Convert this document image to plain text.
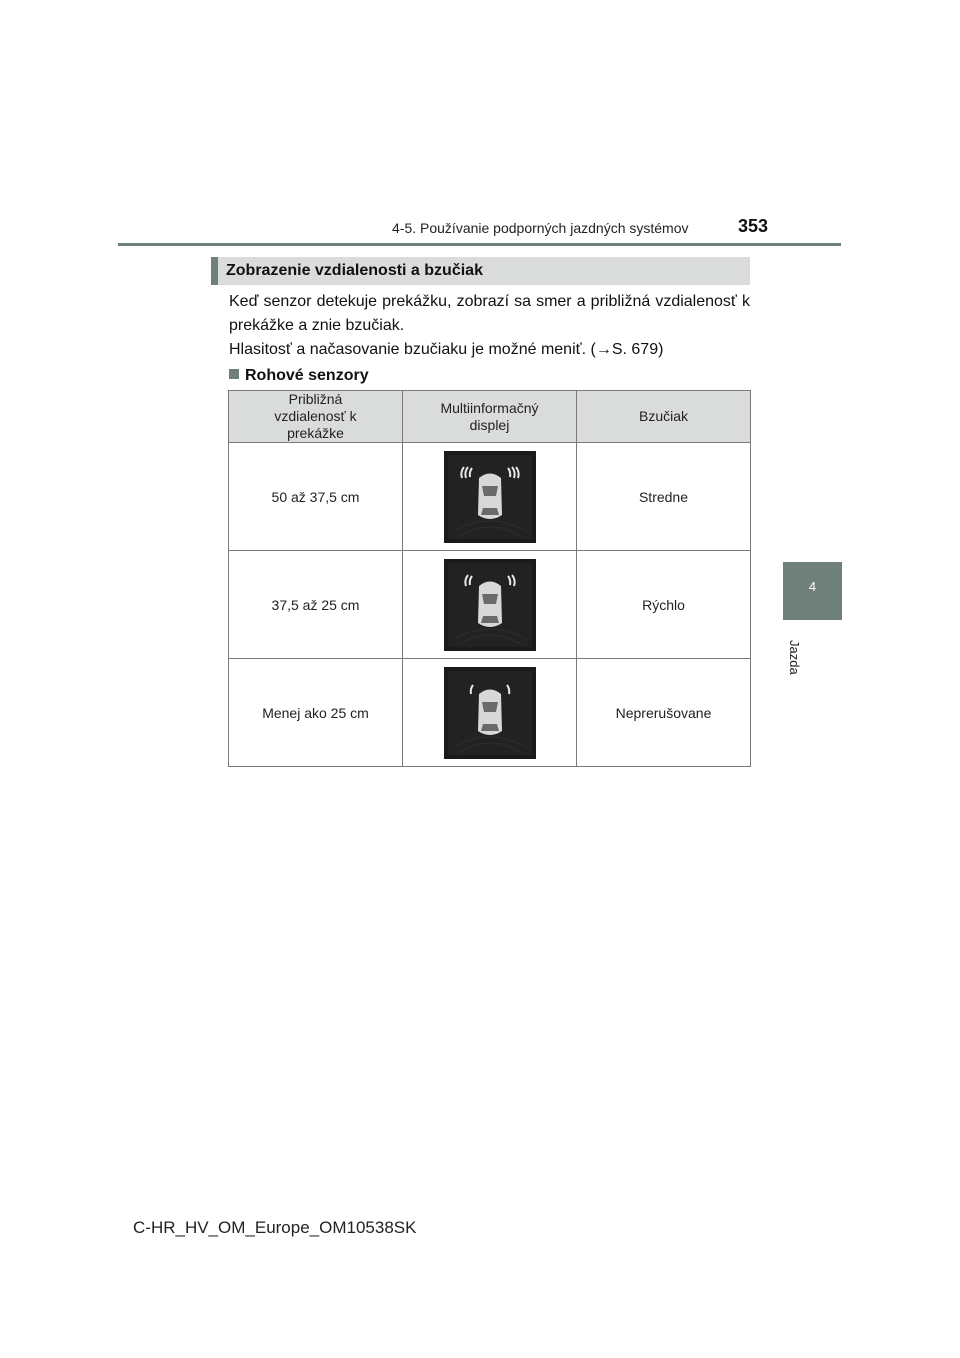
4-5. Používanie podporných jazdných systémov	353
4
Jazda
Zobrazenie vzdialenosti a bzučiak
Keď senzor detekuje prekážku, zobrazí sa smer a približná vzdialenosť k prekážke a znie bzučiak.
Hlasitosť a načasovanie bzučiaku je možné meniť. (→S. 679)
Rohové senzory
Približná vzdialenosť k prekážke	Multiinformačný displej	Bzučiak
50 až 37,5 cm		Stredne
37,5 až 25 cm		Rýchlo
Menej ako 25 cm		Neprerušovane
C-HR_HV_OM_Europe_OM10538SK
